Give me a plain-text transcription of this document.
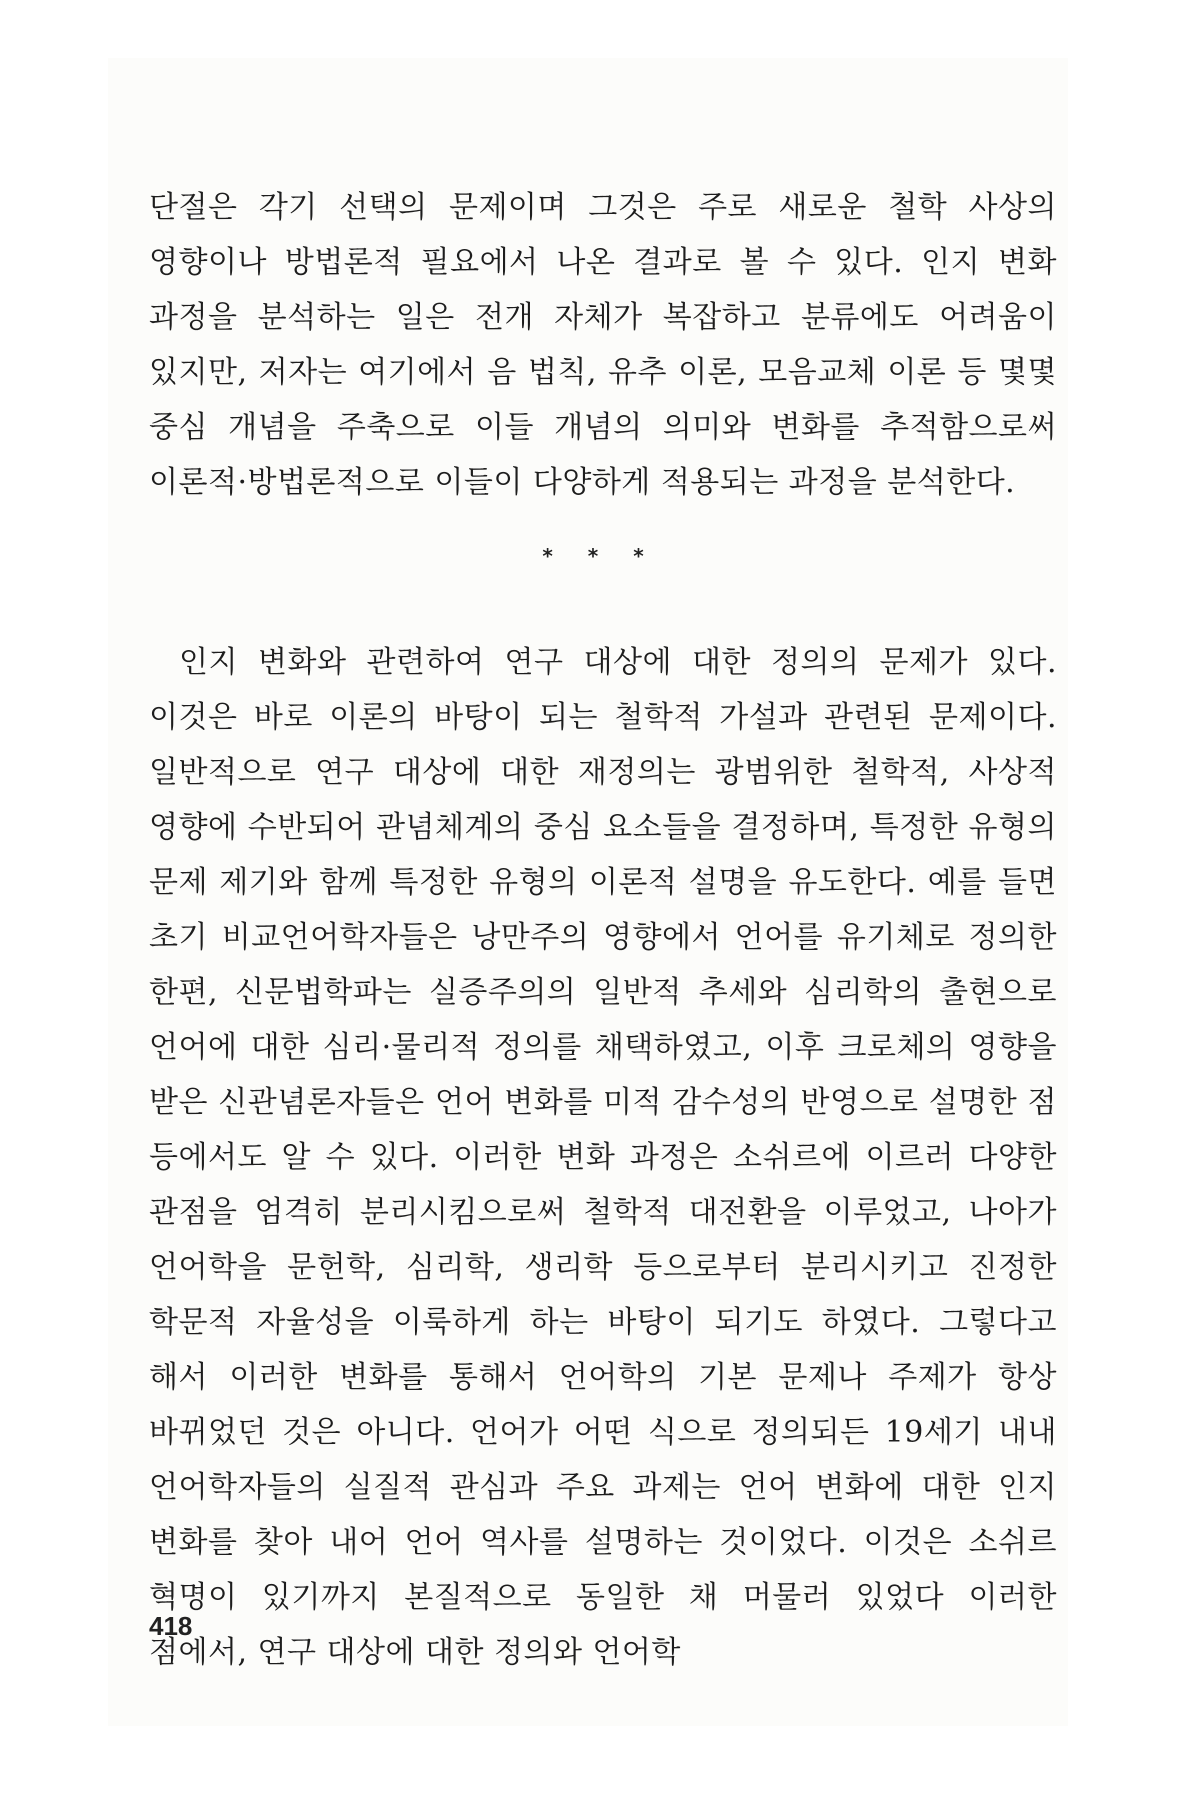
단절은 각기 선택의 문제이며 그것은 주로 새로운 철학 사상의 영향이나 방법론적 필요에서 나온 결과로 볼 수 있다. 인지 변화 과정을 분석하는 일은 전개 자체가 복잡하고 분류에도 어려움이 있지만, 저자는 여기에서 음 법칙, 유추 이론, 모음교체 이론 등 몇몇 중심 개념을 주축으로 이들 개념의 의미와 변화를 추적함으로써 이론적·방법론적으로 이들이 다양하게 적용되는 과정을 분석한다.

* * *

인지 변화와 관련하여 연구 대상에 대한 정의의 문제가 있다. 이것은 바로 이론의 바탕이 되는 철학적 가설과 관련된 문제이다. 일반적으로 연구 대상에 대한 재정의는 광범위한 철학적, 사상적 영향에 수반되어 관념체계의 중심 요소들을 결정하며, 특정한 유형의 문제 제기와 함께 특정한 유형의 이론적 설명을 유도한다. 예를 들면 초기 비교언어학자들은 낭만주의 영향에서 언어를 유기체로 정의한 한편, 신문법학파는 실증주의의 일반적 추세와 심리학의 출현으로 언어에 대한 심리·물리적 정의를 채택하였고, 이후 크로체의 영향을 받은 신관념론자들은 언어 변화를 미적 감수성의 반영으로 설명한 점 등에서도 알 수 있다. 이러한 변화 과정은 소쉬르에 이르러 다양한 관점을 엄격히 분리시킴으로써 철학적 대전환을 이루었고, 나아가 언어학을 문헌학, 심리학, 생리학 등으로부터 분리시키고 진정한 학문적 자율성을 이룩하게 하는 바탕이 되기도 하였다. 그렇다고 해서 이러한 변화를 통해서 언어학의 기본 문제나 주제가 항상 바뀌었던 것은 아니다. 언어가 어떤 식으로 정의되든 19세기 내내 언어학자들의 실질적 관심과 주요 과제는 언어 변화에 대한 인지 변화를 찾아 내어 언어 역사를 설명하는 것이었다. 이것은 소쉬르 혁명이 있기까지 본질적으로 동일한 채 머물러 있었다 이러한 점에서, 연구 대상에 대한 정의와 언어학

418
